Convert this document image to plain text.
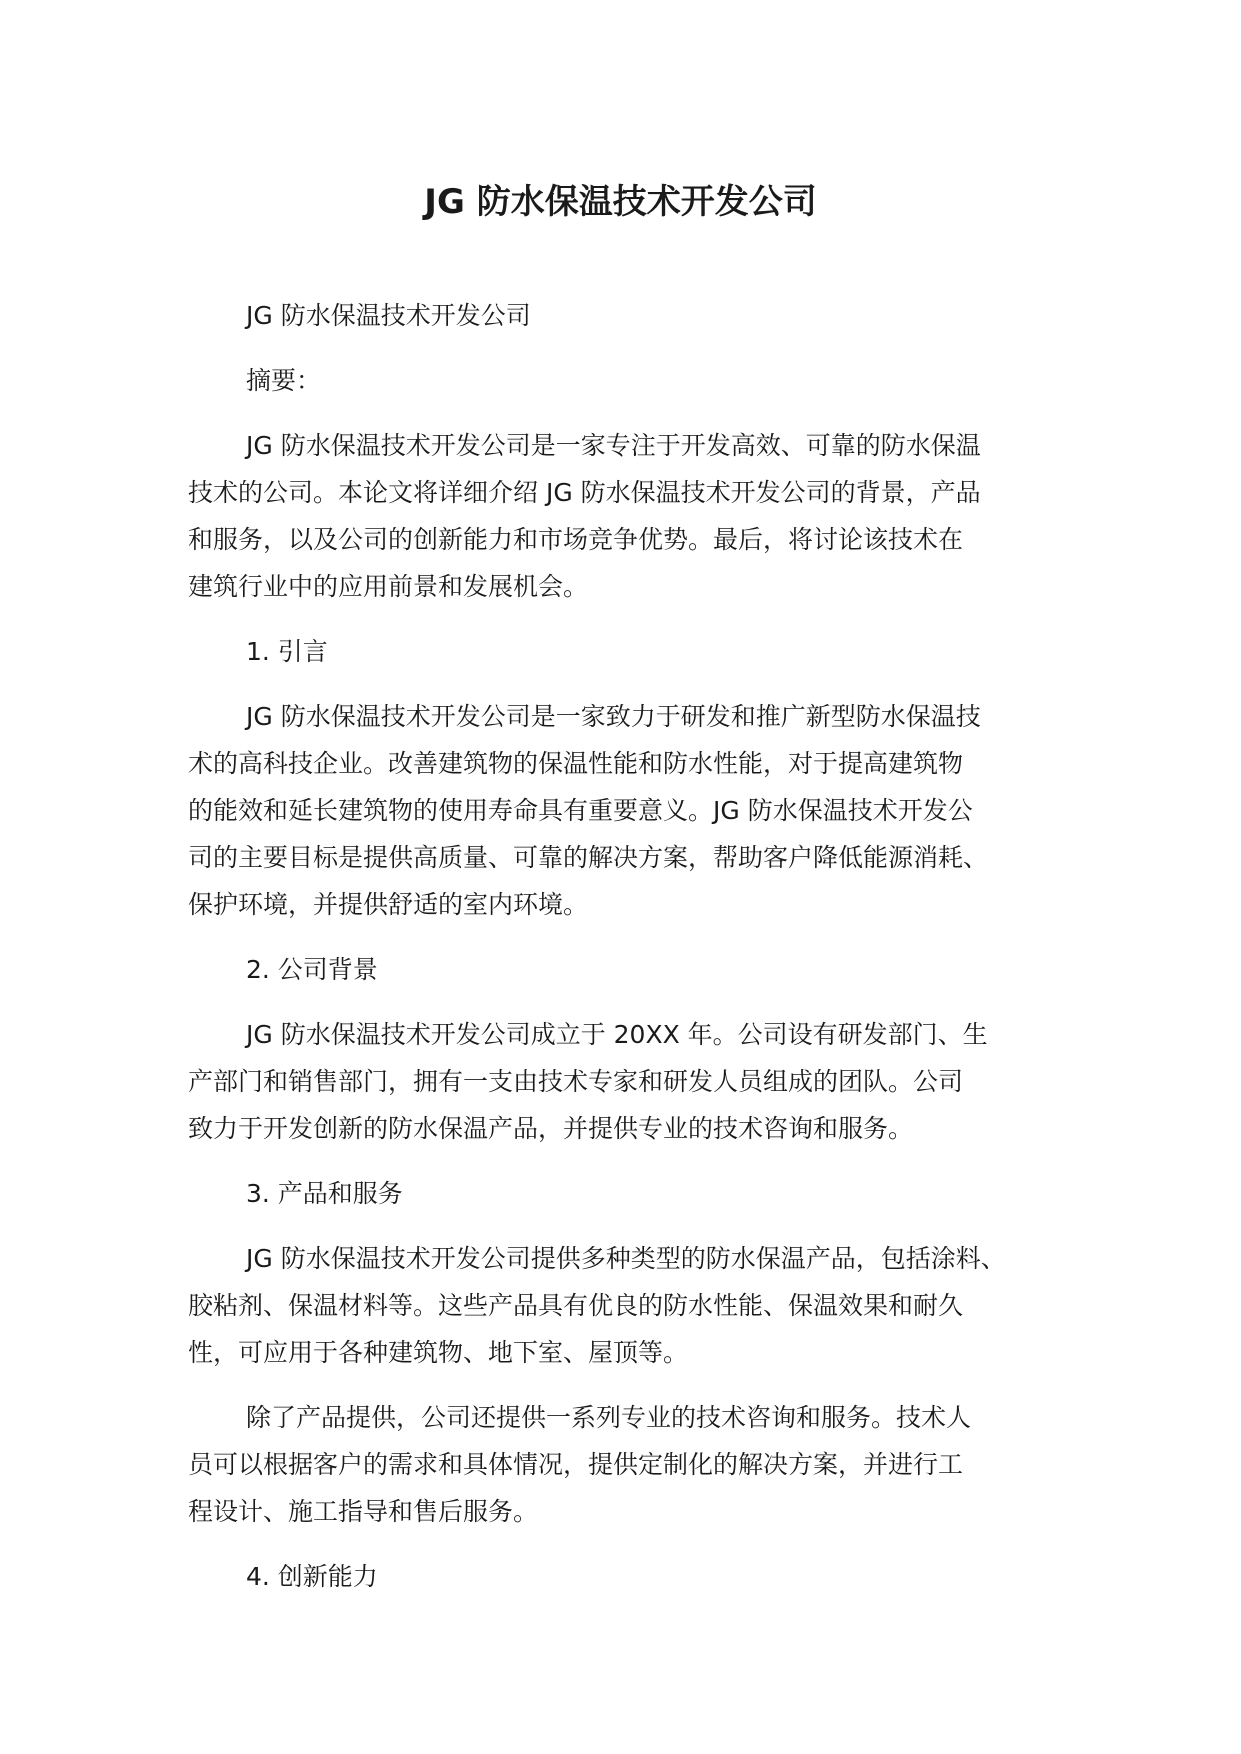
JG 防水保温技术开发公司

JG 防水保温技术开发公司

摘要：

JG 防水保温技术开发公司是一家专注于开发高效、可靠的防水保温
技术的公司。本论文将详细介绍 JG 防水保温技术开发公司的背景，产品
和服务，以及公司的创新能力和市场竞争优势。最后，将讨论该技术在
建筑行业中的应用前景和发展机会。

1. 引言

JG 防水保温技术开发公司是一家致力于研发和推广新型防水保温技
术的高科技企业。改善建筑物的保温性能和防水性能，对于提高建筑物
的能效和延长建筑物的使用寿命具有重要意义。JG 防水保温技术开发公
司的主要目标是提供高质量、可靠的解决方案，帮助客户降低能源消耗、
保护环境，并提供舒适的室内环境。

2. 公司背景

JG 防水保温技术开发公司成立于 20XX 年。公司设有研发部门、生
产部门和销售部门，拥有一支由技术专家和研发人员组成的团队。公司
致力于开发创新的防水保温产品，并提供专业的技术咨询和服务。

3. 产品和服务

JG 防水保温技术开发公司提供多种类型的防水保温产品，包括涂料、
胶粘剂、保温材料等。这些产品具有优良的防水性能、保温效果和耐久
性，可应用于各种建筑物、地下室、屋顶等。

除了产品提供，公司还提供一系列专业的技术咨询和服务。技术人
员可以根据客户的需求和具体情况，提供定制化的解决方案，并进行工
程设计、施工指导和售后服务。

4. 创新能力
